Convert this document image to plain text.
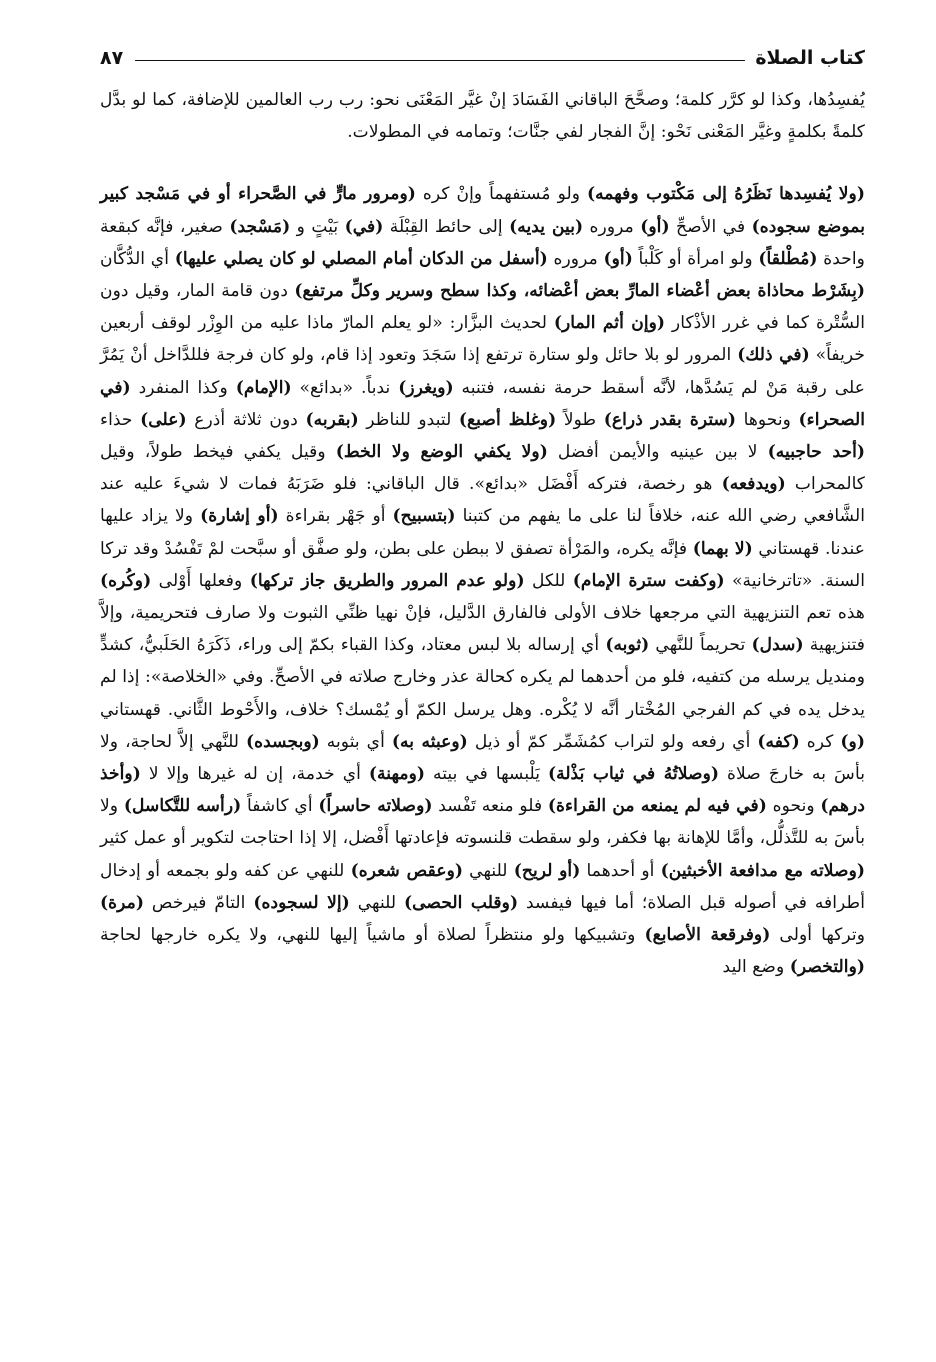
كتاب الصلاة
٨٧

يُفسِدُها، وكذا لو كرَّر كلمة؛ وصحَّحَ الباقاني الفَسَادَ إنْ غيَّر المَعْنَى نحو: رب رب العالمين للإضافة، كما لو بدَّل كلمةً بكلمةٍ وغيَّر المَعْنى نَحْو: إنَّ الفجار لفي جنَّات؛ وتمامه في المطولات.

(ولا يُفسِدها نَظَرُهُ إلى مَكْتوب وفهمه) ولو مُستفهماً وإنْ كره (ومرور مارٍّ في الصَّحراء أو في مَسْجد كبير بموضع سجوده) في الأصحِّ (أو) مروره (بين يديه) إلى حائط القِبْلَة (في) بَيْتٍ و (مَسْجد) صغير، فإنَّه كبقعة واحدة (مُطْلقاً) ولو امرأة أو كَلْباً (أو) مروره (أسفل من الدكان أمام المصلي لو كان يصلي عليها) أي الدُّكَّان (بِشَرْط محاذاة بعض أعْضاء المارِّ بعض أعْضائه، وكذا سطح وسرير وكلِّ مرتفع) دون قامة المار، وقيل دون السُّتْرة كما في غرر الأذْكار (وإن أثم المار) لحديث البزَّار: «لو يعلم المارّ ماذا عليه من الوِزْر لوقف أربعين خريفاً» (في ذلك) المرور لو بلا حائل ولو ستارة ترتفع إذا سَجَدَ وتعود إذا قام، ولو كان فرجة فللدَّاخل أنْ يَمُرَّ على رقبة مَنْ لم يَسُدَّها، لأنَّه أسقط حرمة نفسه، فتنبه (ويغرز) ندباً. «بدائع» (الإمام) وكذا المنفرد (في الصحراء) ونحوها (سترة بقدر ذراع) طولاً (وغلظ أصبع) لتبدو للناظر (بقربه) دون ثلاثة أذرع (على) حذاء (أحد حاجبيه) لا بين عينيه والأيمن أفضل (ولا يكفي الوضع ولا الخط) وقيل يكفي فيخط طولاً، وقيل كالمحراب (ويدفعه) هو رخصة، فتركه أَفْضَل «بدائع». قال الباقاني: فلو ضَرَبَهُ فمات لا شيءَ عليه عند الشَّافعي رضي الله عنه، خلافاً لنا على ما يفهم من كتبنا (بتسبيح) أو جَهْر بقراءة (أو إشارة) ولا يزاد عليها عندنا. قهستاني (لا بهما) فإنَّه يكره، والمَرْأة تصفق لا ببطن على بطن، ولو صفَّق أو سبَّحت لمْ تَفْسُدْ وقد تركا السنة. «تاترخانية» (وكفت سترة الإمام) للكل (ولو عدم المرور والطريق جاز تركها) وفعلها أَوْلى (وكُره) هذه تعم التنزيهية التي مرجعها خلاف الأولى فالفارق الدَّليل، فإنْ نهيا ظنِّي الثبوت ولا صارف فتحريمية، وإلاَّ فتنزيهية (سدل) تحريماً للنَّهي (ثوبه) أي إرساله بلا لبس معتاد، وكذا القباء بكمّ إلى وراء، ذَكَرَهُ الحَلَبيُّ، كشدٍّ ومنديل يرسله من كتفيه، فلو من أحدهما لم يكره كحالة عذر وخارج صلاته في الأصحِّ. وفي «الخلاصة»: إذا لم يدخل يده في كم الفرجي المُخْتار أنَّه لا يُكْره. وهل يرسل الكمّ أو يُمْسك؟ خلاف، والأَحْوط الثَّاني. قهستاني (و) كره (كفه) أي رفعه ولو لتراب كمُشَمِّر كمّ أو ذيل (وعبثه به) أي بثوبه (وبجسده) للنَّهي إلاَّ لحاجة، ولا بأسَ به خارجَ صلاة (وصلاتُهُ في ثياب بَذْلة) يَلْبسها في بيته (ومهنة) أي خدمة، إن له غيرها وإلا لا (وأخذ درهم) ونحوه (في فيه لم يمنعه من القراءة) فلو منعه تَفْسد (وصلاته حاسراً) أي كاشفاً (رأسه للتَّكاسل) ولا بأسَ به للتَّذلُّل، وأمَّا للإهانة بها فكفر، ولو سقطت قلنسوته فإعادتها أَفْضل، إلا إذا احتاجت لتكوير أو عمل كثير (وصلاته مع مدافعة الأخبثين) أو أحدهما (أو لريح) للنهي (وعقص شعره) للنهي عن كفه ولو بجمعه أو إدخال أطرافه في أصوله قبل الصلاة؛ أما فيها فيفسد (وقلب الحصى) للنهي (إلا لسجوده) التامّ فيرخص (مرة) وتركها أولى (وفرقعة الأصابع) وتشبيكها ولو منتظراً لصلاة أو ماشياً إليها للنهي، ولا يكره خارجها لحاجة (والتخصر) وضع اليد
